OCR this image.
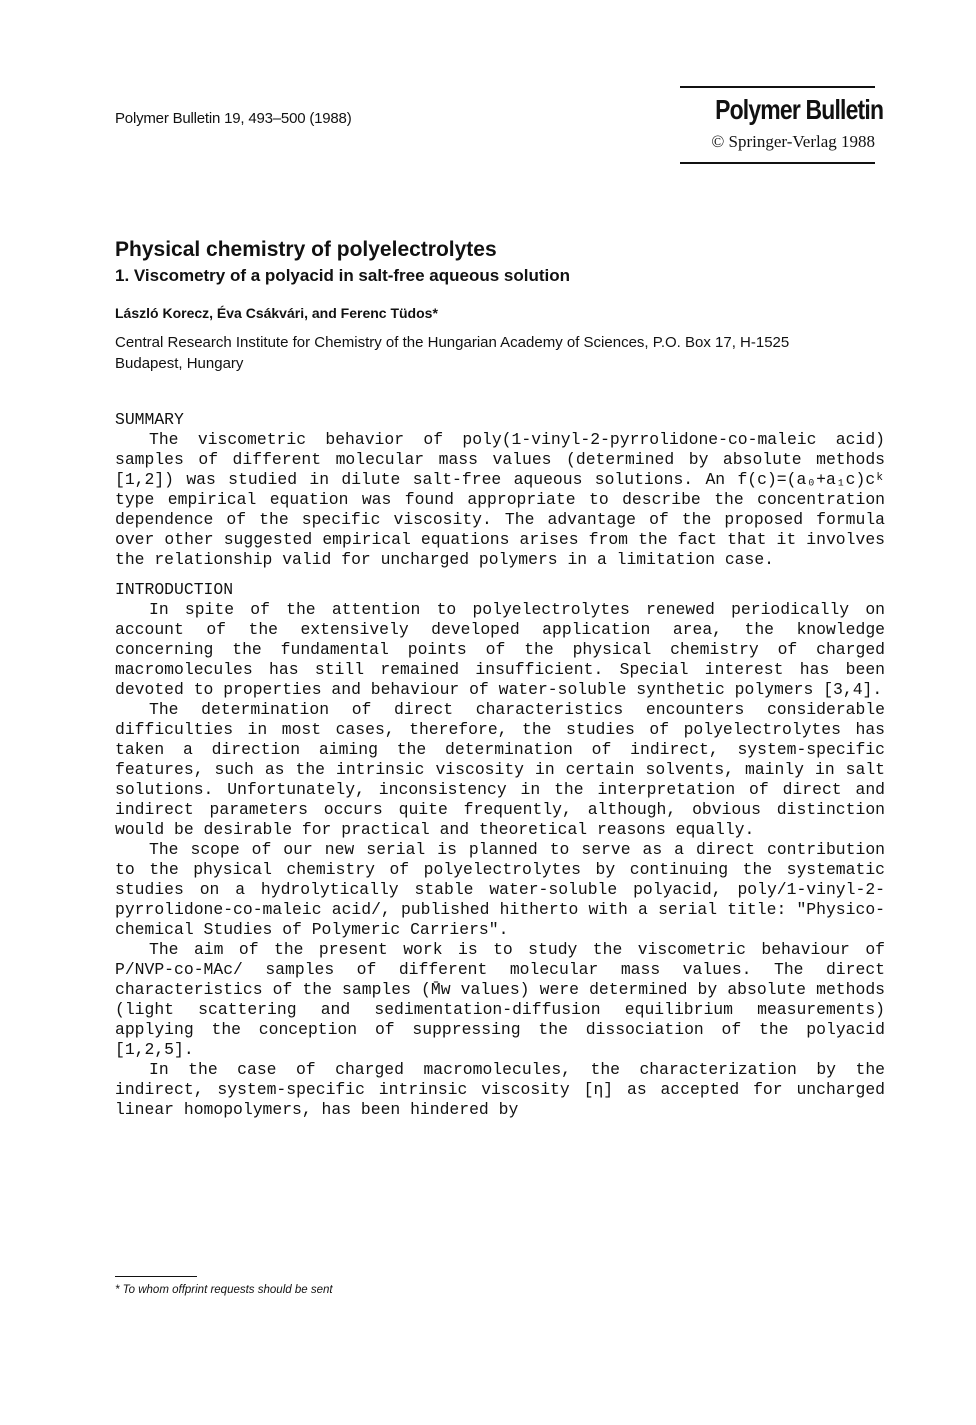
Polymer Bulletin 19, 493–500 (1988)	Polymer Bulletin
© Springer-Verlag 1988
Physical chemistry of polyelectrolytes
1. Viscometry of a polyacid in salt-free aqueous solution
László Korecz, Éva Csákvári, and Ferenc Tüdos*
Central Research Institute for Chemistry of the Hungarian Academy of Sciences, P.O. Box 17, H-1525 Budapest, Hungary

SUMMARY

The viscometric behavior of poly(1-vinyl-2-pyrrolidone-co-maleic acid) samples of different molecular mass values (determined by absolute methods [1,2]) was studied in dilute salt-free aqueous solutions. An f(c)=(a₀+a₁c)cᵏ type empirical equation was found appropriate to describe the concentration dependence of the specific viscosity. The advantage of the proposed formula over other suggested empirical equations arises from the fact that it involves the relationship valid for uncharged polymers in a limitation case.

INTRODUCTION

In spite of the attention to polyelectrolytes renewed periodically on account of the extensively developed application area, the knowledge concerning the fundamental points of the physical chemistry of charged macromolecules has still remained insufficient. Special interest has been devoted to properties and behaviour of water-soluble synthetic polymers [3,4].

The determination of direct characteristics encounters considerable difficulties in most cases, therefore, the studies of polyelectrolytes has taken a direction aiming the determination of indirect, system-specific features, such as the intrinsic viscosity in certain solvents, mainly in salt solutions. Unfortunately, inconsistency in the interpretation of direct and indirect parameters occurs quite frequently, although, obvious distinction would be desirable for practical and theoretical reasons equally.

The scope of our new serial is planned to serve as a direct contribution to the physical chemistry of polyelectrolytes by continuing the systematic studies on a hydrolytically stable water-soluble polyacid, poly/1-vinyl-2-pyrrolidone-co-maleic acid/, published hitherto with a serial title: "Physico-chemical Studies of Polymeric Carriers".

The aim of the present work is to study the viscometric behaviour of P/NVP-co-MAc/ samples of different molecular mass values. The direct characteristics of the samples (M̄w values) were determined by absolute methods (light scattering and sedimentation-diffusion equilibrium measurements) applying the conception of suppressing the dissociation of the polyacid [1,2,5].

In the case of charged macromolecules, the characterization by the indirect, system-specific intrinsic viscosity [η] as accepted for uncharged linear homopolymers, has been hindered by

* To whom offprint requests should be sent
